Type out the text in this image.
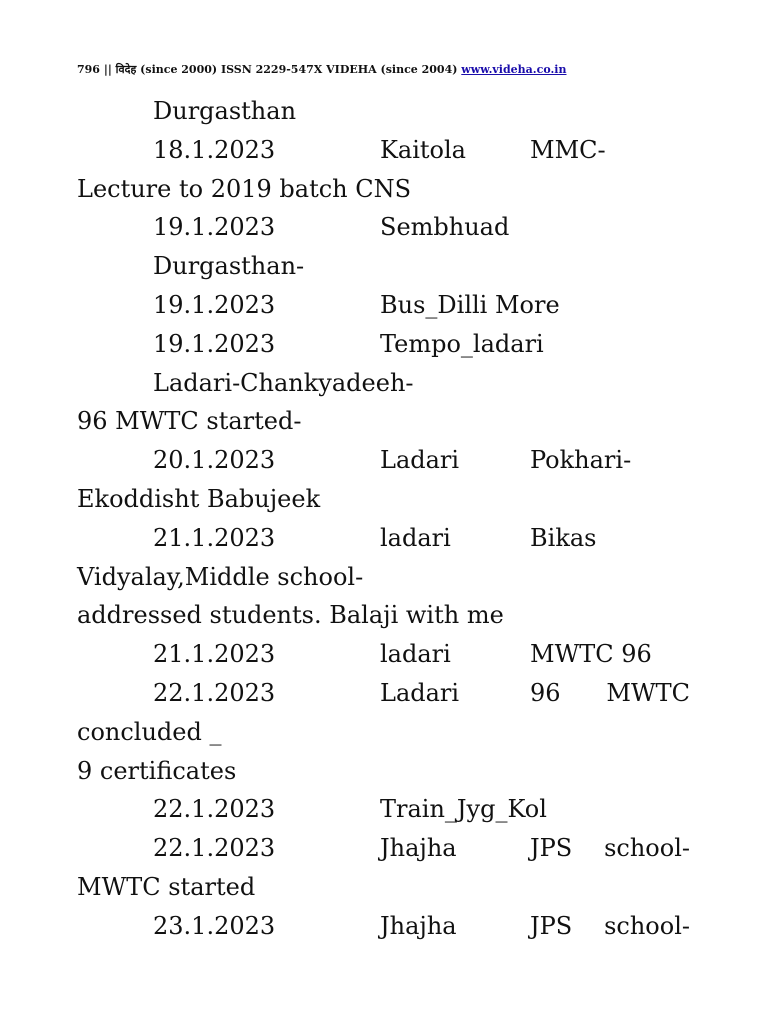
796 || विदेह (since 2000) ISSN 2229-547X VIDEHA (since 2004) www.videha.co.in
Durgasthan
18.1.2023	Kaitola	MMC-
Lecture to 2019 batch CNS
19.1.2023	Sembhuad
Durgasthan-
19.1.2023	Bus_Dilli More
19.1.2023	Tempo_ladari
Ladari-Chankyadeeh-
96 MWTC started-
20.1.2023	Ladari	Pokhari-
Ekoddisht Babujeek
21.1.2023	ladari	Bikas
Vidyalay,Middle school-
addressed students. Balaji with me
21.1.2023	ladari	MWTC 96
22.1.2023	Ladari	96 MWTC
concluded _
9 certificates
22.1.2023	Train_Jyg_Kol
22.1.2023	Jhajha	JPS school-
MWTC started
23.1.2023	Jhajha	JPS school-
